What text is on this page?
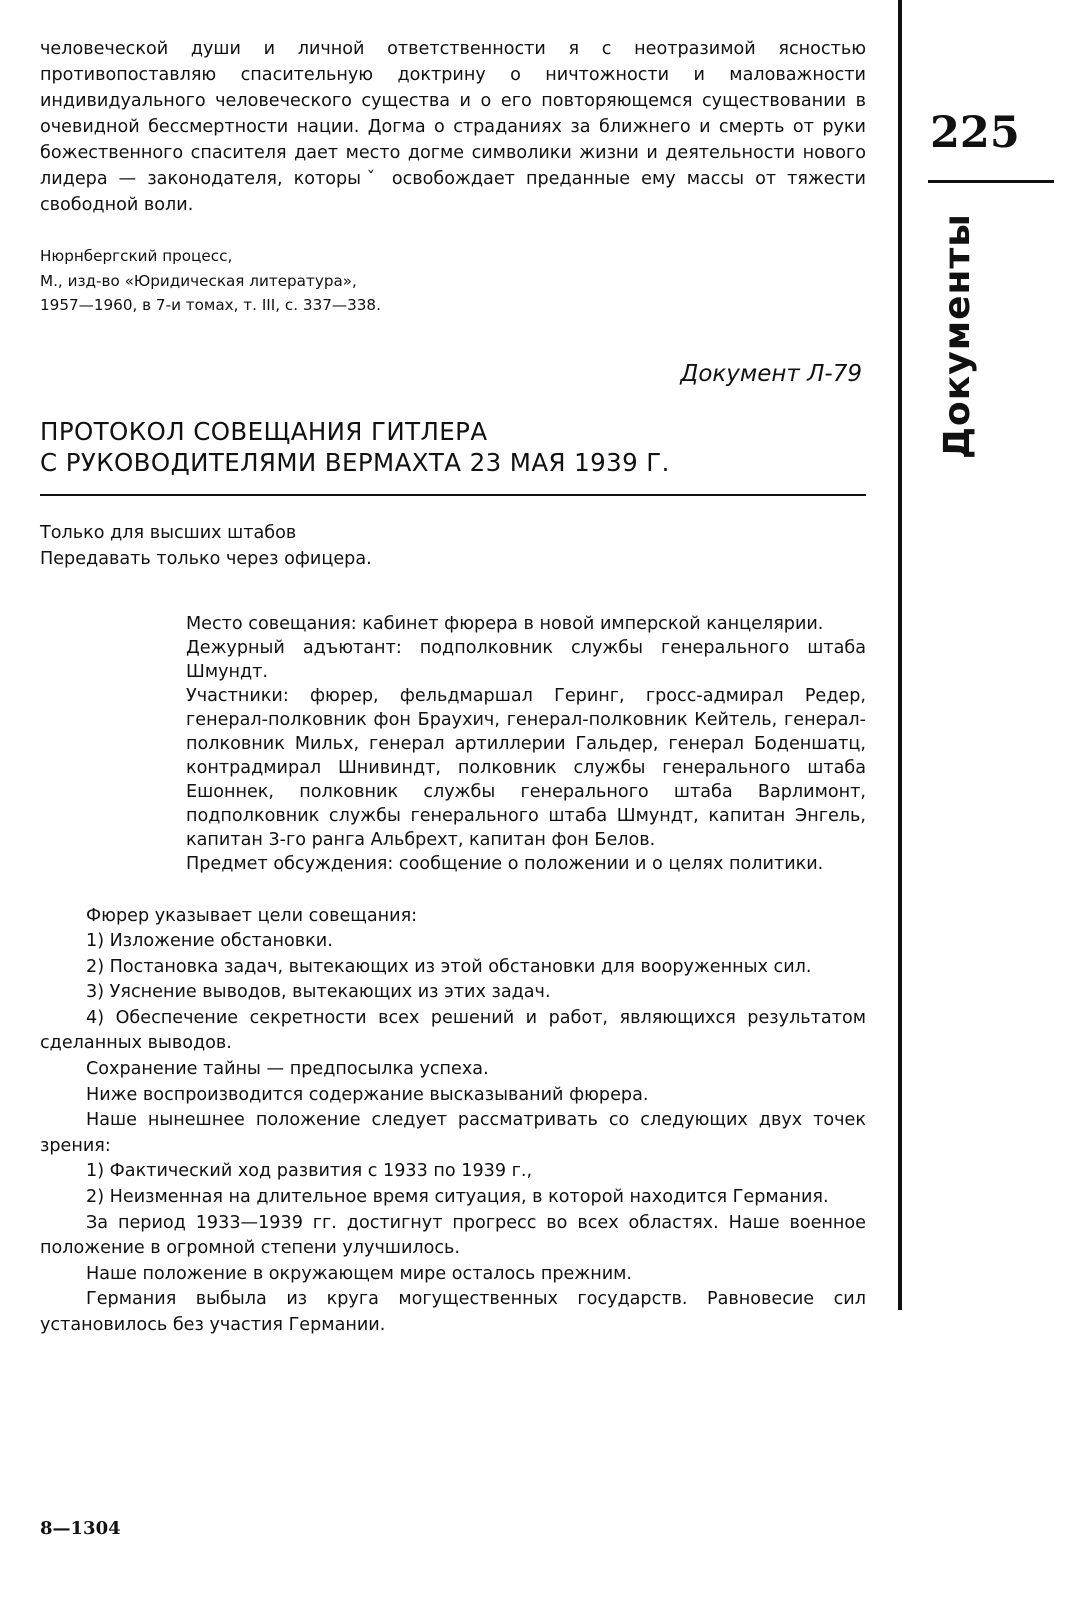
225
Документы

человеческой души и личной ответственности я с неотразимой ясностью противопоставляю спасительную доктрину о ничтожности и маловажности индивидуального человеческого существа и о его повторяющемся существовании в очевидной бессмертности нации. Догма о страданиях за ближнего и смерть от руки божественного спасителя дает место догме символики жизни и деятельности нового лидера — законодателя, которыˇ освобождает преданные ему массы от тяжести свободной воли.

Нюрнбергский процесс,
М., изд-во «Юридическая литература»,
1957—1960, в 7-и томах, т. III, с. 337—338.
Документ Л-79
ПРОТОКОЛ СОВЕЩАНИЯ ГИТЛЕРА
С РУКОВОДИТЕЛЯМИ ВЕРМАХТА 23 МАЯ 1939 Г.
Только для высших штабов
Передавать только через офицера.

Место совещания: кабинет фюрера в новой имперской канцелярии.

Дежурный адъютант: подполковник службы генерального штаба Шмундт.

Участники: фюрер, фельдмаршал Геринг, гросс-адмирал Редер, генерал-полковник фон Браухич, генерал-полковник Кейтель, генерал-полковник Мильх, генерал артиллерии Гальдер, генерал Боденшатц, контрадмирал Шнивиндт, полковник службы генерального штаба Ешоннек, полковник службы генерального штаба Варлимонт, подполковник службы генерального штаба Шмундт, капитан Энгель, капитан 3-го ранга Альбрехт, капитан фон Белов.

Предмет обсуждения: сообщение о положении и о целях политики.

Фюрер указывает цели совещания:

1) Изложение обстановки.

2) Постановка задач, вытекающих из этой обстановки для вооруженных сил.

3) Уяснение выводов, вытекающих из этих задач.

4) Обеспечение секретности всех решений и работ, являющихся результатом сделанных выводов.

Сохранение тайны — предпосылка успеха.

Ниже воспроизводится содержание высказываний фюрера.

Наше нынешнее положение следует рассматривать со следующих двух точек зрения:

1) Фактический ход развития с 1933 по 1939 г.,

2) Неизменная на длительное время ситуация, в которой находится Германия.

За период 1933—1939 гг. достигнут прогресс во всех областях. Наше военное положение в огромной степени улучшилось.

Наше положение в окружающем мире осталось прежним.

Германия выбыла из круга могущественных государств. Равновесие сил установилось без участия Германии.

8—1304
